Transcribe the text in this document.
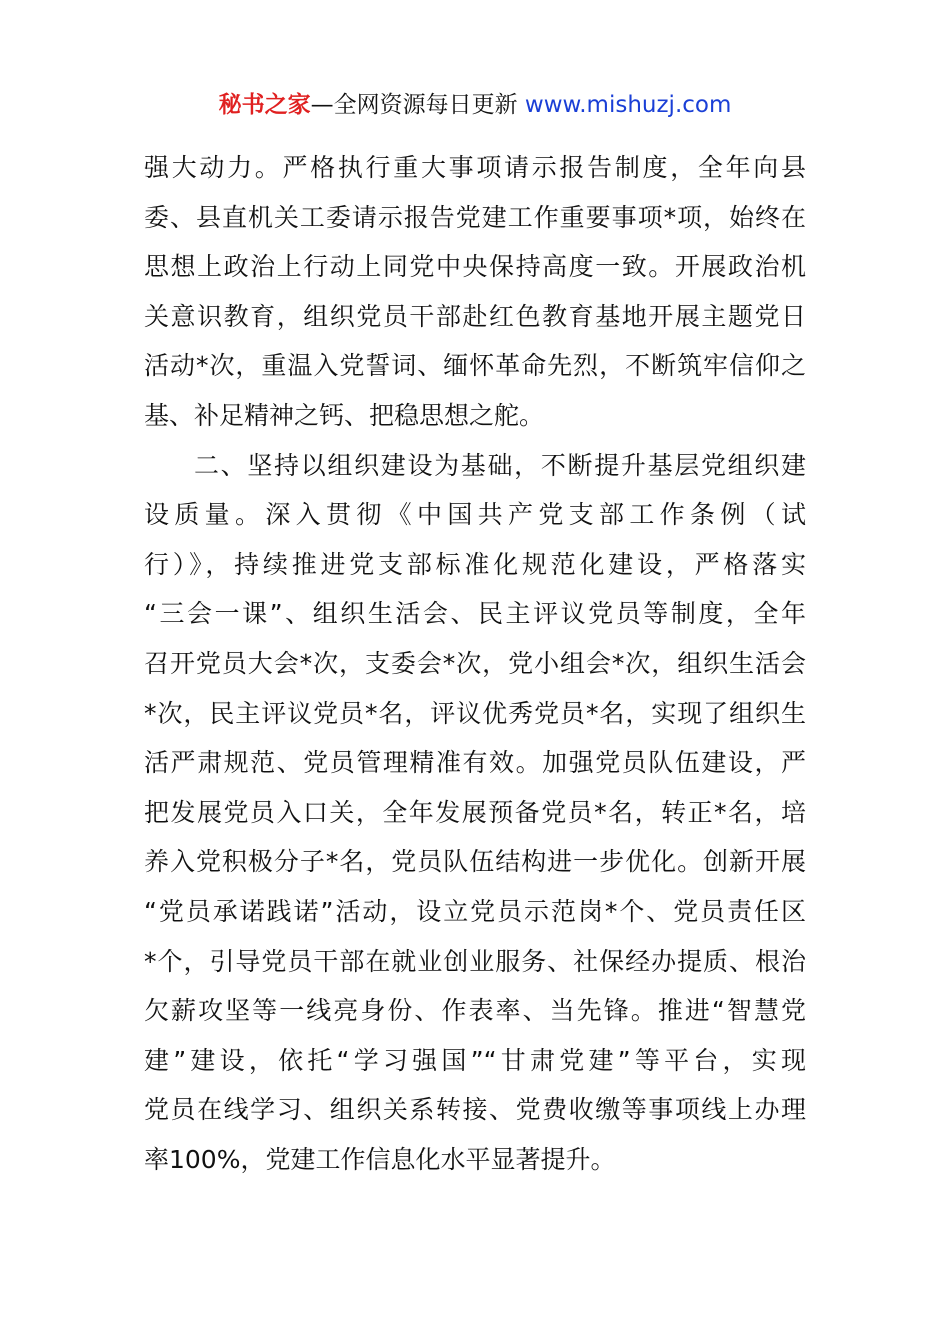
秘书之家—全网资源每日更新 www.mishuzj.com
强大动力。严格执行重大事项请示报告制度，全年向县
委、县直机关工委请示报告党建工作重要事项*项，始终在
思想上政治上行动上同党中央保持高度一致。开展政治机
关意识教育，组织党员干部赴红色教育基地开展主题党日
活动*次，重温入党誓词、缅怀革命先烈，不断筑牢信仰之
基、补足精神之钙、把稳思想之舵。
二、坚持以组织建设为基础，不断提升基层党组织建
设质量。深入贯彻《中国共产党支部工作条例（试
行）》，持续推进党支部标准化规范化建设，严格落实
“三会一课”、组织生活会、民主评议党员等制度，全年
召开党员大会*次，支委会*次，党小组会*次，组织生活会
*次，民主评议党员*名，评议优秀党员*名，实现了组织生
活严肃规范、党员管理精准有效。加强党员队伍建设，严
把发展党员入口关，全年发展预备党员*名，转正*名，培
养入党积极分子*名，党员队伍结构进一步优化。创新开展
“党员承诺践诺”活动，设立党员示范岗*个、党员责任区
*个，引导党员干部在就业创业服务、社保经办提质、根治
欠薪攻坚等一线亮身份、作表率、当先锋。推进“智慧党
建”建设，依托“学习强国”“甘肃党建”等平台，实现
党员在线学习、组织关系转接、党费收缴等事项线上办理
率100%，党建工作信息化水平显著提升。
